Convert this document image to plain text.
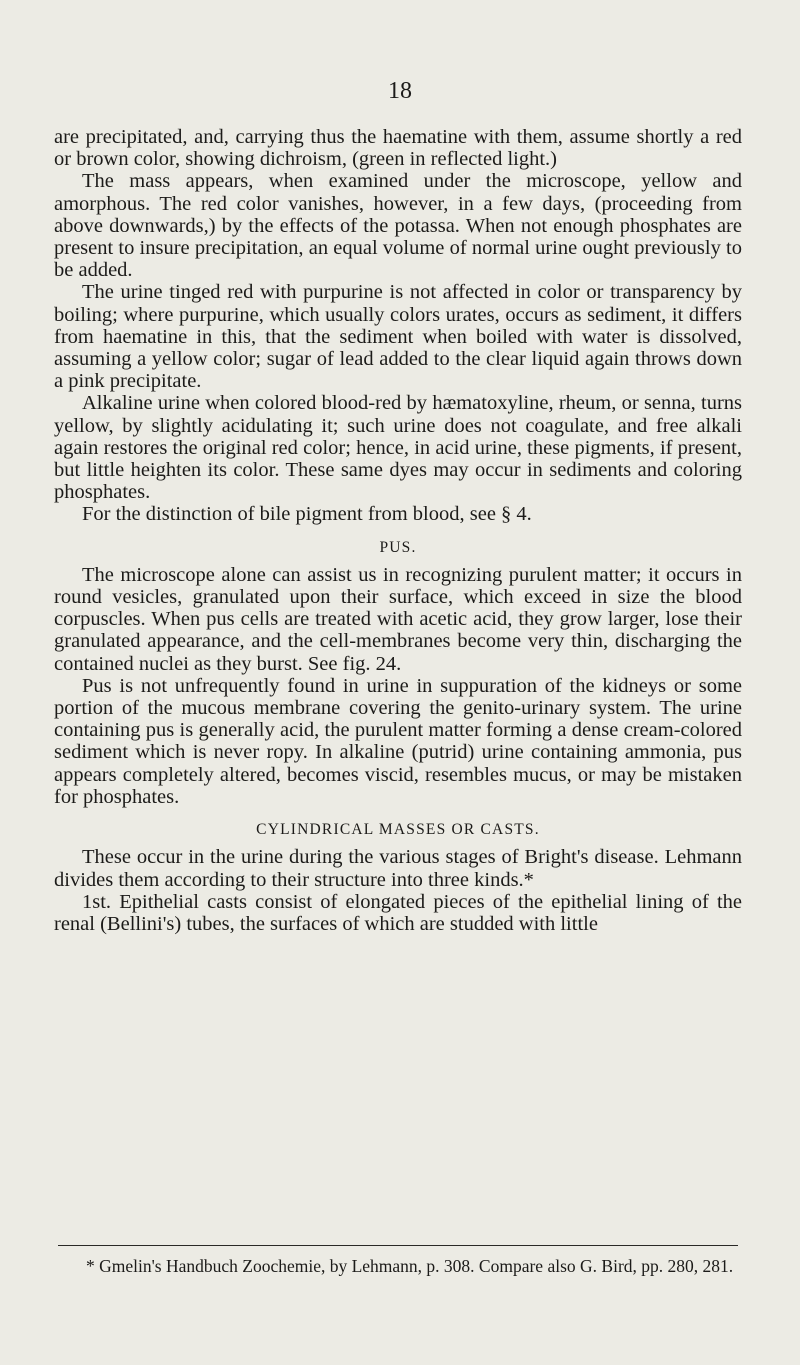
18

are precipitated, and, carrying thus the haematine with them, assume shortly a red or brown color, showing dichroism, (green in reflected light.)

The mass appears, when examined under the microscope, yellow and amorphous. The red color vanishes, however, in a few days, (proceeding from above downwards,) by the effects of the potassa. When not enough phosphates are present to insure precipitation, an equal volume of normal urine ought previously to be added.

The urine tinged red with purpurine is not affected in color or transparency by boiling; where purpurine, which usually colors urates, occurs as sediment, it differs from haematine in this, that the sediment when boiled with water is dissolved, assuming a yellow color; sugar of lead added to the clear liquid again throws down a pink precipitate.

Alkaline urine when colored blood-red by hæmatoxyline, rheum, or senna, turns yellow, by slightly acidulating it; such urine does not coagulate, and free alkali again restores the original red color; hence, in acid urine, these pigments, if present, but little heighten its color. These same dyes may occur in sediments and coloring phosphates.

For the distinction of bile pigment from blood, see § 4.

PUS.

The microscope alone can assist us in recognizing purulent matter; it occurs in round vesicles, granulated upon their surface, which exceed in size the blood corpuscles. When pus cells are treated with acetic acid, they grow larger, lose their granulated appearance, and the cell-membranes become very thin, discharging the contained nuclei as they burst. See fig. 24.

Pus is not unfrequently found in urine in suppuration of the kidneys or some portion of the mucous membrane covering the genito-urinary system. The urine containing pus is generally acid, the purulent matter forming a dense cream-colored sediment which is never ropy. In alkaline (putrid) urine containing ammonia, pus appears completely altered, becomes viscid, resembles mucus, or may be mistaken for phosphates.

CYLINDRICAL MASSES OR CASTS.

These occur in the urine during the various stages of Bright's disease. Lehmann divides them according to their structure into three kinds.*

1st. Epithelial casts consist of elongated pieces of the epithelial lining of the renal (Bellini's) tubes, the surfaces of which are studded with little

* Gmelin's Handbuch Zoochemie, by Lehmann, p. 308. Compare also G. Bird, pp. 280, 281.
